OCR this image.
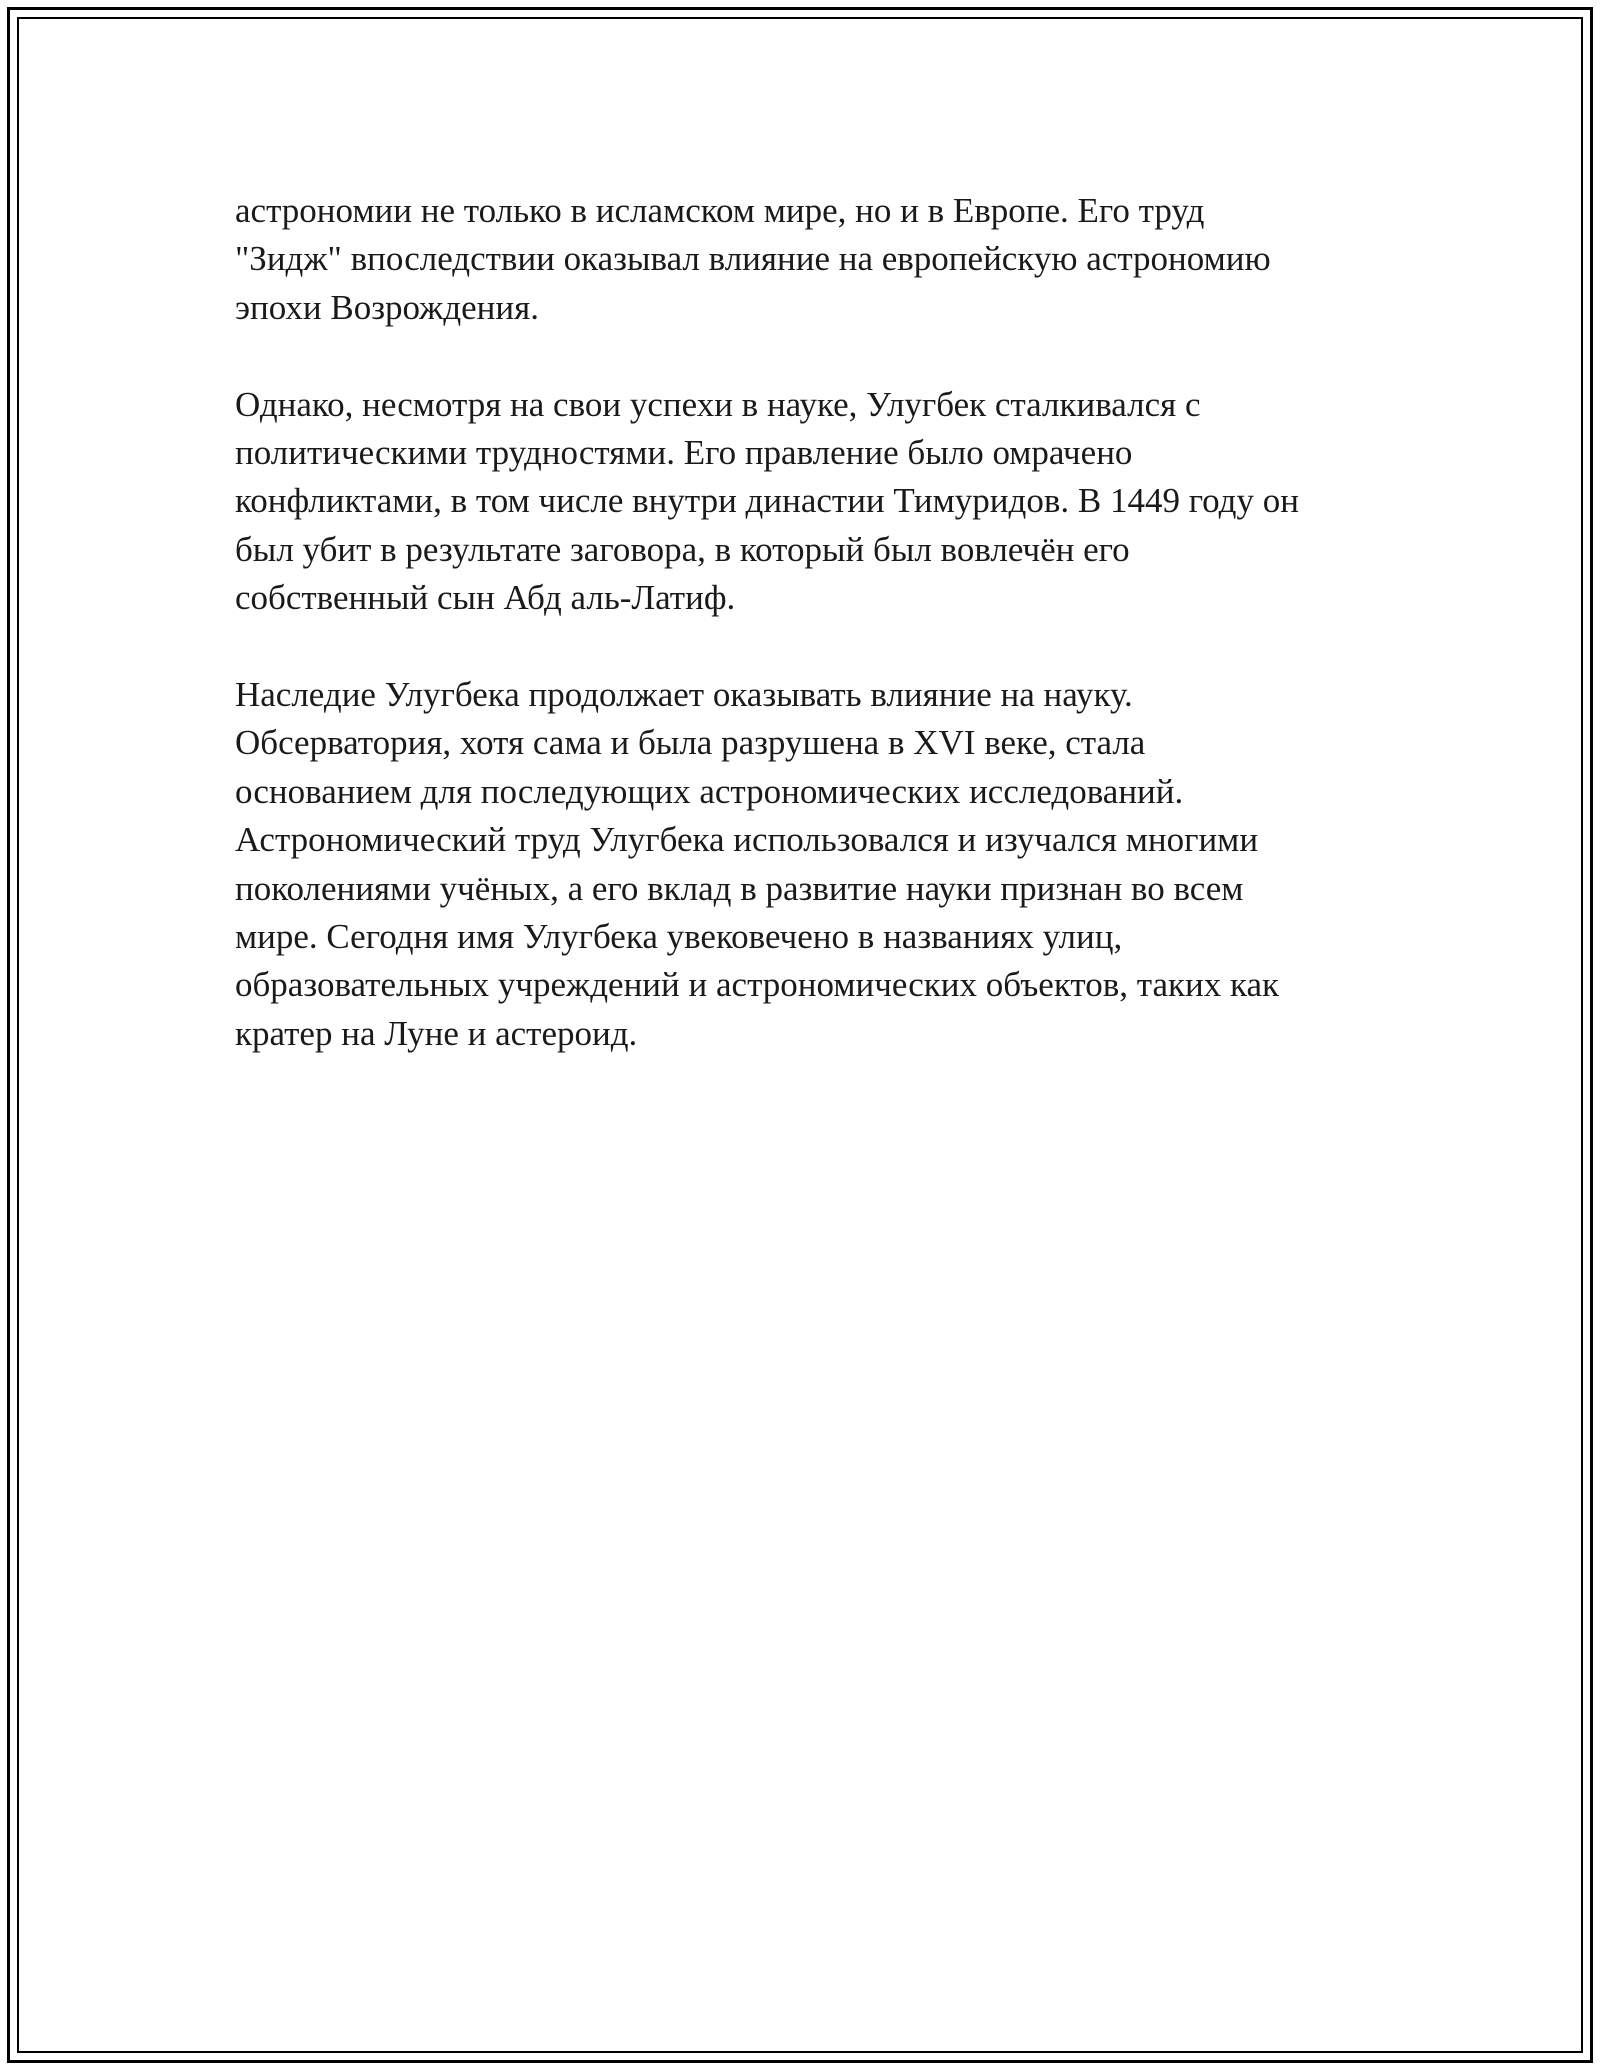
астрономии не только в исламском мире, но и в Европе. Его труд
"Зидж" впоследствии оказывал влияние на европейскую астрономию
эпохи Возрождения.

Однако, несмотря на свои успехи в науке, Улугбек сталкивался с
политическими трудностями. Его правление было омрачено
конфликтами, в том числе внутри династии Тимуридов. В 1449 году он
был убит в результате заговора, в который был вовлечён его
собственный сын Абд аль-Латиф.

Наследие Улугбека продолжает оказывать влияние на науку.
Обсерватория, хотя сама и была разрушена в XVI веке, стала
основанием для последующих астрономических исследований.
Астрономический труд Улугбека использовался и изучался многими
поколениями учёных, а его вклад в развитие науки признан во всем
мире. Сегодня имя Улугбека увековечено в названиях улиц,
образовательных учреждений и астрономических объектов, таких как
кратер на Луне и астероид.
